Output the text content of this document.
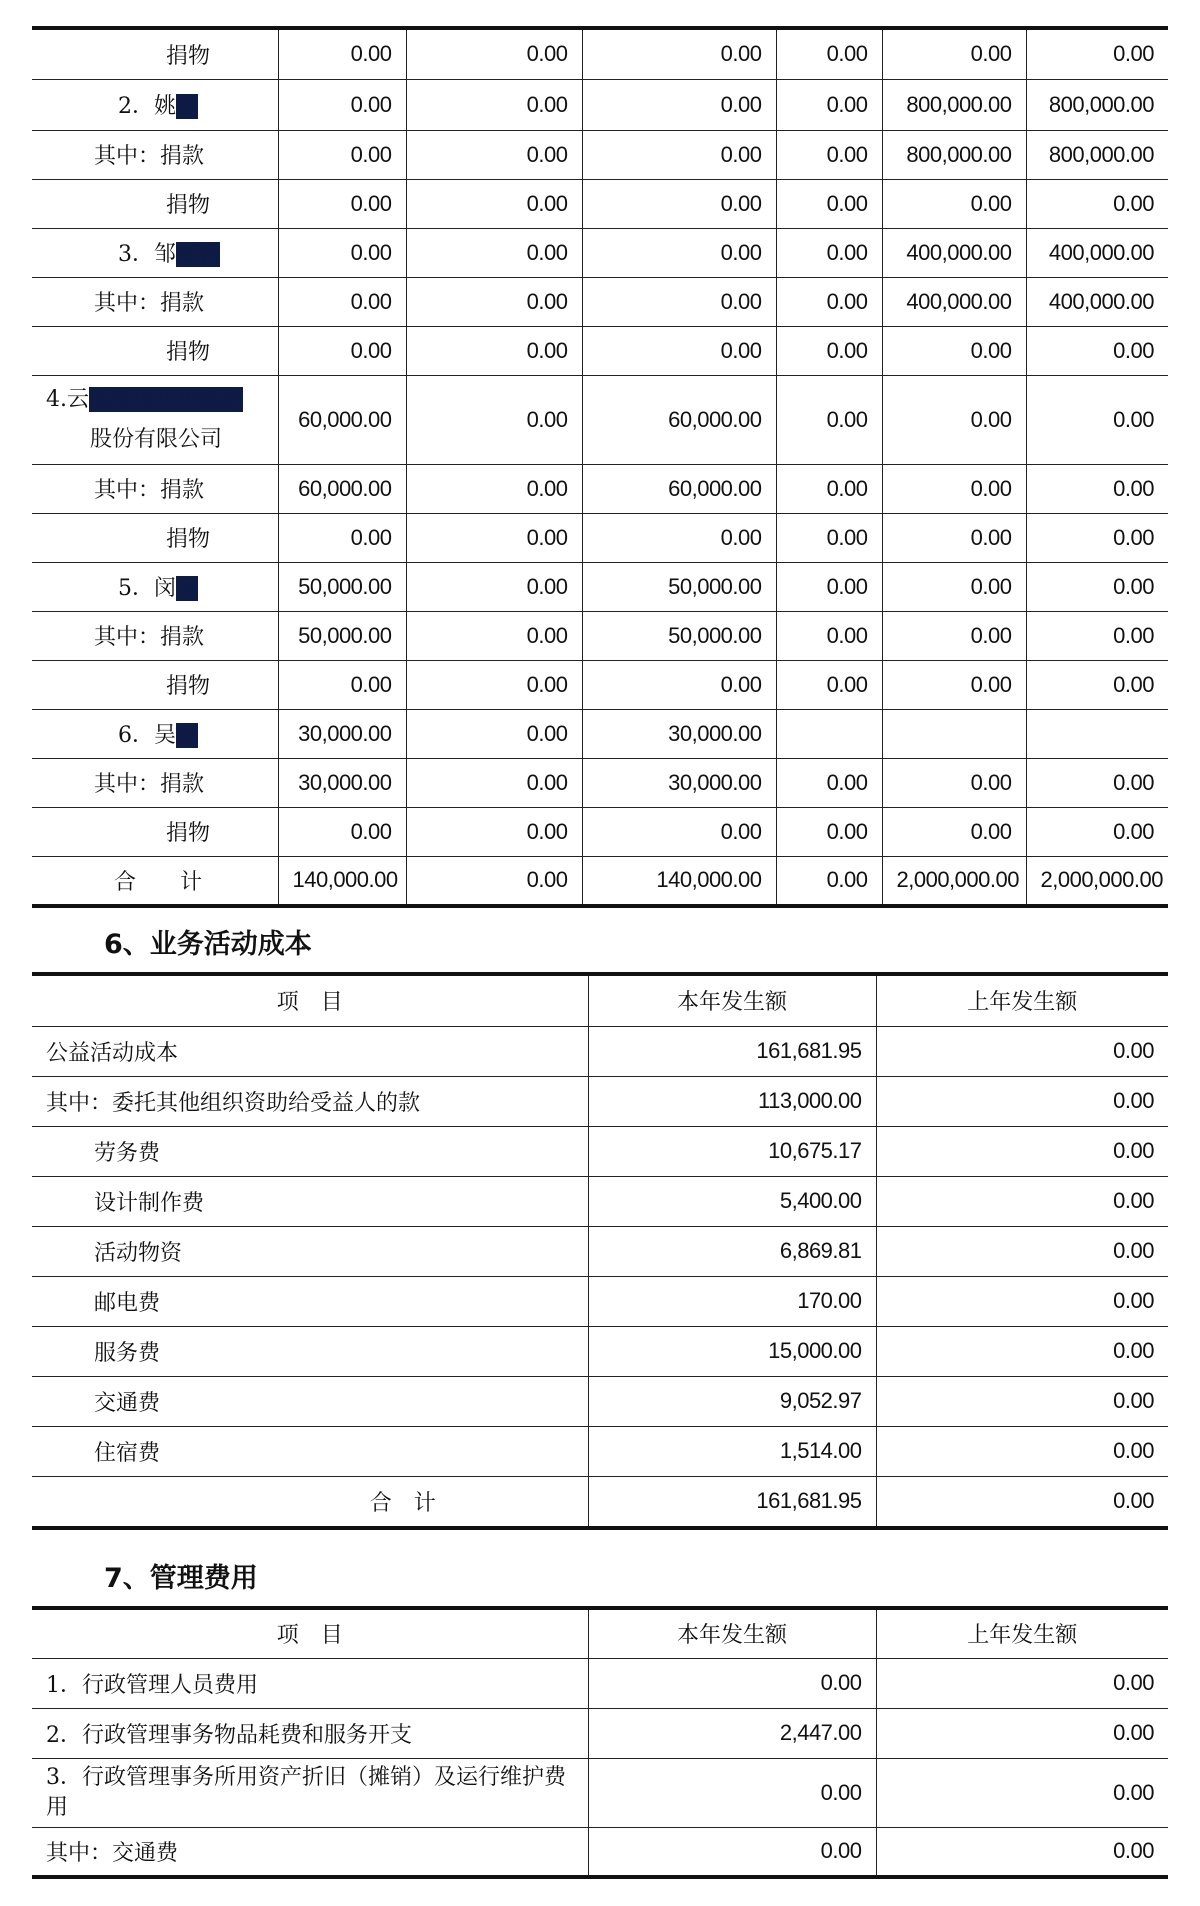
捐物	0.00	0.00	0.00	0.00	0.00	0.00
2．姚燕	0.00	0.00	0.00	0.00	800,000.00	800,000.00
其中：捐款	0.00	0.00	0.00	0.00	800,000.00	800,000.00
捐物	0.00	0.00	0.00	0.00	0.00	0.00
3．邹爱标	0.00	0.00	0.00	0.00	400,000.00	400,000.00
其中：捐款	0.00	0.00	0.00	0.00	400,000.00	400,000.00
捐物	0.00	0.00	0.00	0.00	0.00	0.00
4.云南普洱丹州制药
股份有限公司	60,000.00	0.00	60,000.00	0.00	0.00	0.00
其中：捐款	60,000.00	0.00	60,000.00	0.00	0.00	0.00
捐物	0.00	0.00	0.00	0.00	0.00	0.00
5．闵远	50,000.00	0.00	50,000.00	0.00	0.00	0.00
其中：捐款	50,000.00	0.00	50,000.00	0.00	0.00	0.00
捐物	0.00	0.00	0.00	0.00	0.00	0.00
6．吴燕	30,000.00	0.00	30,000.00			
其中：捐款	30,000.00	0.00	30,000.00	0.00	0.00	0.00
捐物	0.00	0.00	0.00	0.00	0.00	0.00
合　　计	140,000.00	0.00	140,000.00	0.00	2,000,000.00	2,000,000.00
6、业务活动成本
项　目	本年发生额	上年发生额
公益活动成本	161,681.95	0.00
其中：委托其他组织资助给受益人的款	113,000.00	0.00
劳务费	10,675.17	0.00
设计制作费	5,400.00	0.00
活动物资	6,869.81	0.00
邮电费	170.00	0.00
服务费	15,000.00	0.00
交通费	9,052.97	0.00
住宿费	1,514.00	0.00
合　计	161,681.95	0.00
7、管理费用
项　目	本年发生额	上年发生额
1．行政管理人员费用	0.00	0.00
2．行政管理事务物品耗费和服务开支	2,447.00	0.00
3．行政管理事务所用资产折旧（摊销）及运行维护费用	0.00	0.00
其中：交通费	0.00	0.00
